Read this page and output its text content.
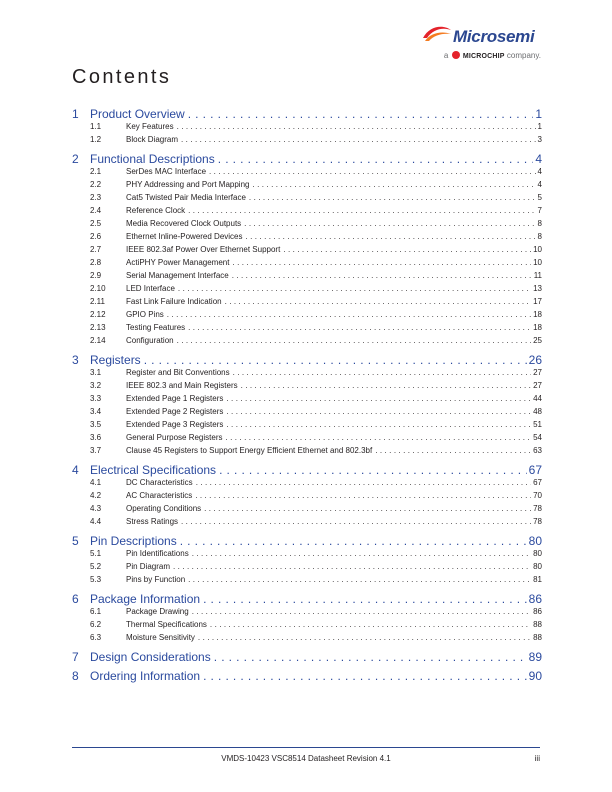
Microsemi
a MICROCHIP company.
Contents
1 Product Overview . . .	1
1.1	Key Features . . .	1
1.2	Block Diagram . . .	3
2 Functional Descriptions . . .	4
2.1	SerDes MAC Interface . . .	4
2.2	PHY Addressing and Port Mapping . . .	4
2.3	Cat5 Twisted Pair Media Interface . . .	5
2.4	Reference Clock . . .	7
2.5	Media Recovered Clock Outputs . . .	8
2.6	Ethernet Inline-Powered Devices . . .	8
2.7	IEEE 802.3af Power Over Ethernet Support . . .	10
2.8	ActiPHY Power Management . . .	10
2.9	Serial Management Interface . . .	11
2.10	LED Interface . . .	13
2.11	Fast Link Failure Indication . . .	17
2.12	GPIO Pins . . .	18
2.13	Testing Features . . .	18
2.14	Configuration . . .	25
3 Registers . . .	26
3.1	Register and Bit Conventions . . .	27
3.2	IEEE 802.3 and Main Registers . . .	27
3.3	Extended Page 1 Registers . . .	44
3.4	Extended Page 2 Registers . . .	48
3.5	Extended Page 3 Registers . . .	51
3.6	General Purpose Registers . . .	54
3.7	Clause 45 Registers to Support Energy Efficient Ethernet and 802.3bf . . .	63
4 Electrical Specifications . . .	67
4.1	DC Characteristics . . .	67
4.2	AC Characteristics . . .	70
4.3	Operating Conditions . . .	78
4.4	Stress Ratings . . .	78
5 Pin Descriptions . . .	80
5.1	Pin Identifications . . .	80
5.2	Pin Diagram . . .	80
5.3	Pins by Function . . .	81
6 Package Information . . .	86
6.1	Package Drawing . . .	86
6.2	Thermal Specifications . . .	88
6.3	Moisture Sensitivity . . .	88
7 Design Considerations . . .	89
8 Ordering Information . . .	90
VMDS-10423 VSC8514 Datasheet Revision 4.1	iii
